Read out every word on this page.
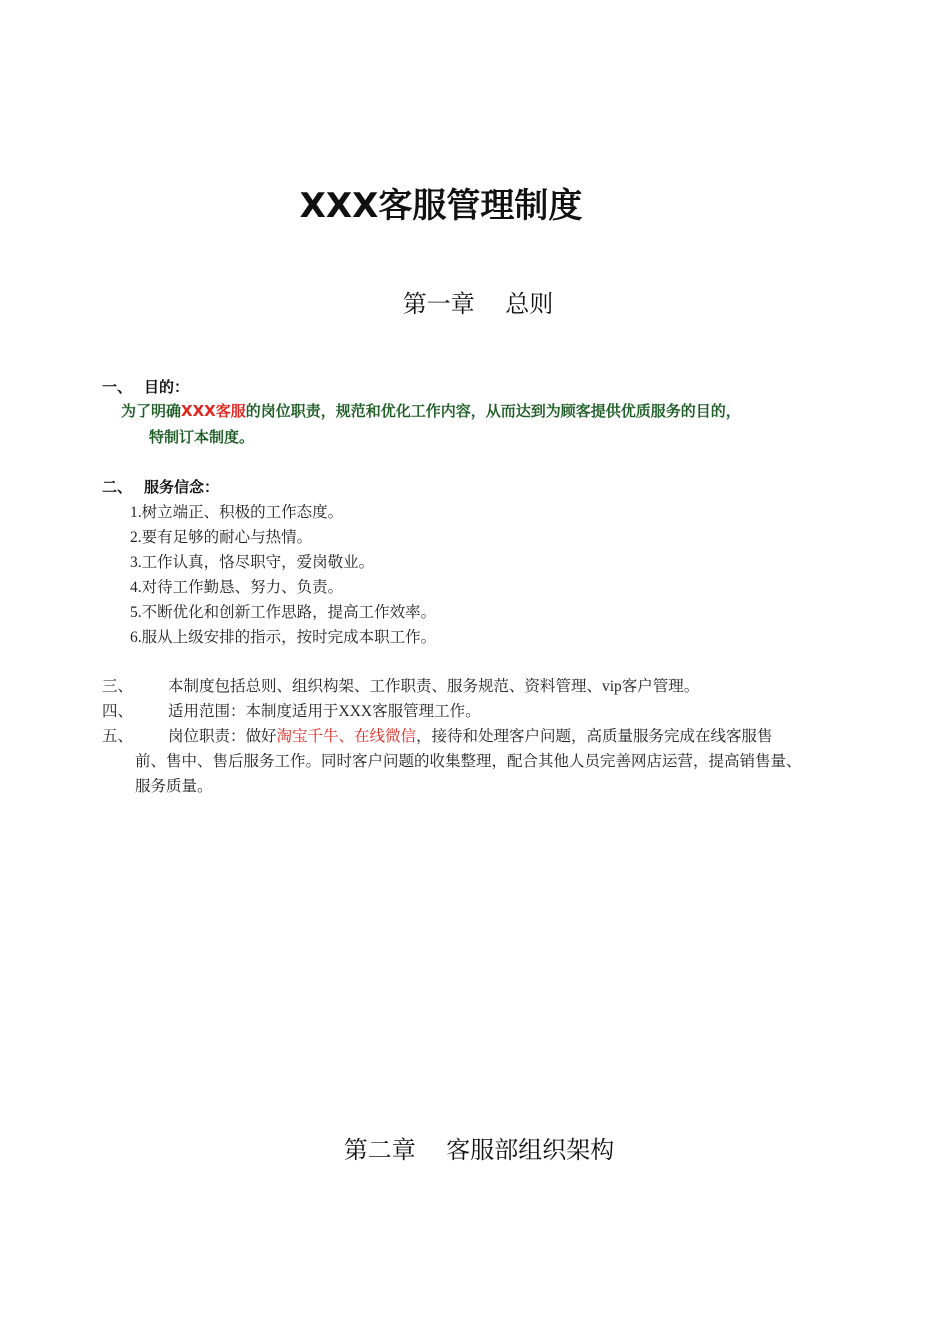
XXX客服管理制度
第一章    总则
一、 目的：
为了明确XXX客服的岗位职责，规范和优化工作内容，从而达到为顾客提供优质服务的目的，
特制订本制度。
二、 服务信念：
1.树立端正、积极的工作态度。
2.要有足够的耐心与热情。
3.工作认真，恪尽职守，爱岗敬业。
4.对待工作勤恳、努力、负责。
5.不断优化和创新工作思路，提高工作效率。
6.服从上级安排的指示，按时完成本职工作。
三、 本制度包括总则、组织构架、工作职责、服务规范、资料管理、vip客户管理。
四、 适用范围：本制度适用于XXX客服管理工作。
五、 岗位职责：做好淘宝千牛、在线微信，接待和处理客户问题，高质量服务完成在线客服售
前、售中、售后服务工作。同时客户问题的收集整理，配合其他人员完善网店运营，提高销售量、
服务质量。
第二章    客服部组织架构
